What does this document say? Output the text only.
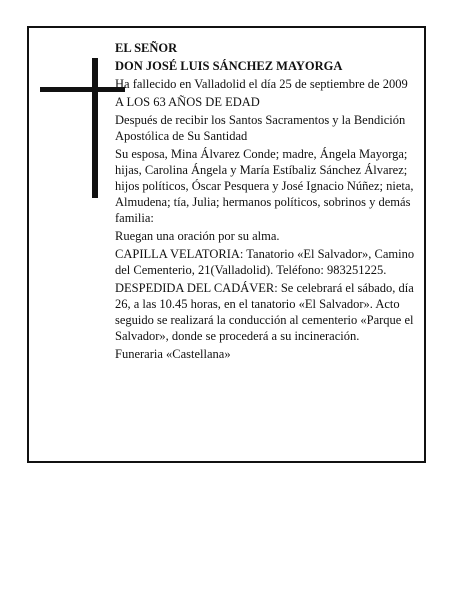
EL SEÑOR

DON JOSÉ LUIS SÁNCHEZ MAYORGA

Ha fallecido en Valladolid el día 25 de septiembre de 2009

A LOS 63 AÑOS DE EDAD

Después de recibir los Santos Sacramentos y la Bendición Apostólica de Su Santidad

Su esposa, Mina Álvarez Conde; madre, Ángela Mayorga; hijas, Carolina Ángela y María Estíbaliz Sánchez Álvarez; hijos políticos, Óscar Pesquera y José Ignacio Núñez; nieta, Almudena; tía, Julia; hermanos políticos, sobrinos y demás familia:

Ruegan una oración por su alma.

CAPILLA VELATORIA: Tanatorio «El Salvador», Camino del Cementerio, 21(Valladolid). Teléfono: 983251225.

DESPEDIDA DEL CADÁVER: Se celebrará el sábado, día 26, a las 10.45 horas, en el tanatorio «El Salvador». Acto seguido se realizará la conducción al cementerio «Parque el Salvador», donde se procederá a su incineración.

Funeraria «Castellana»
